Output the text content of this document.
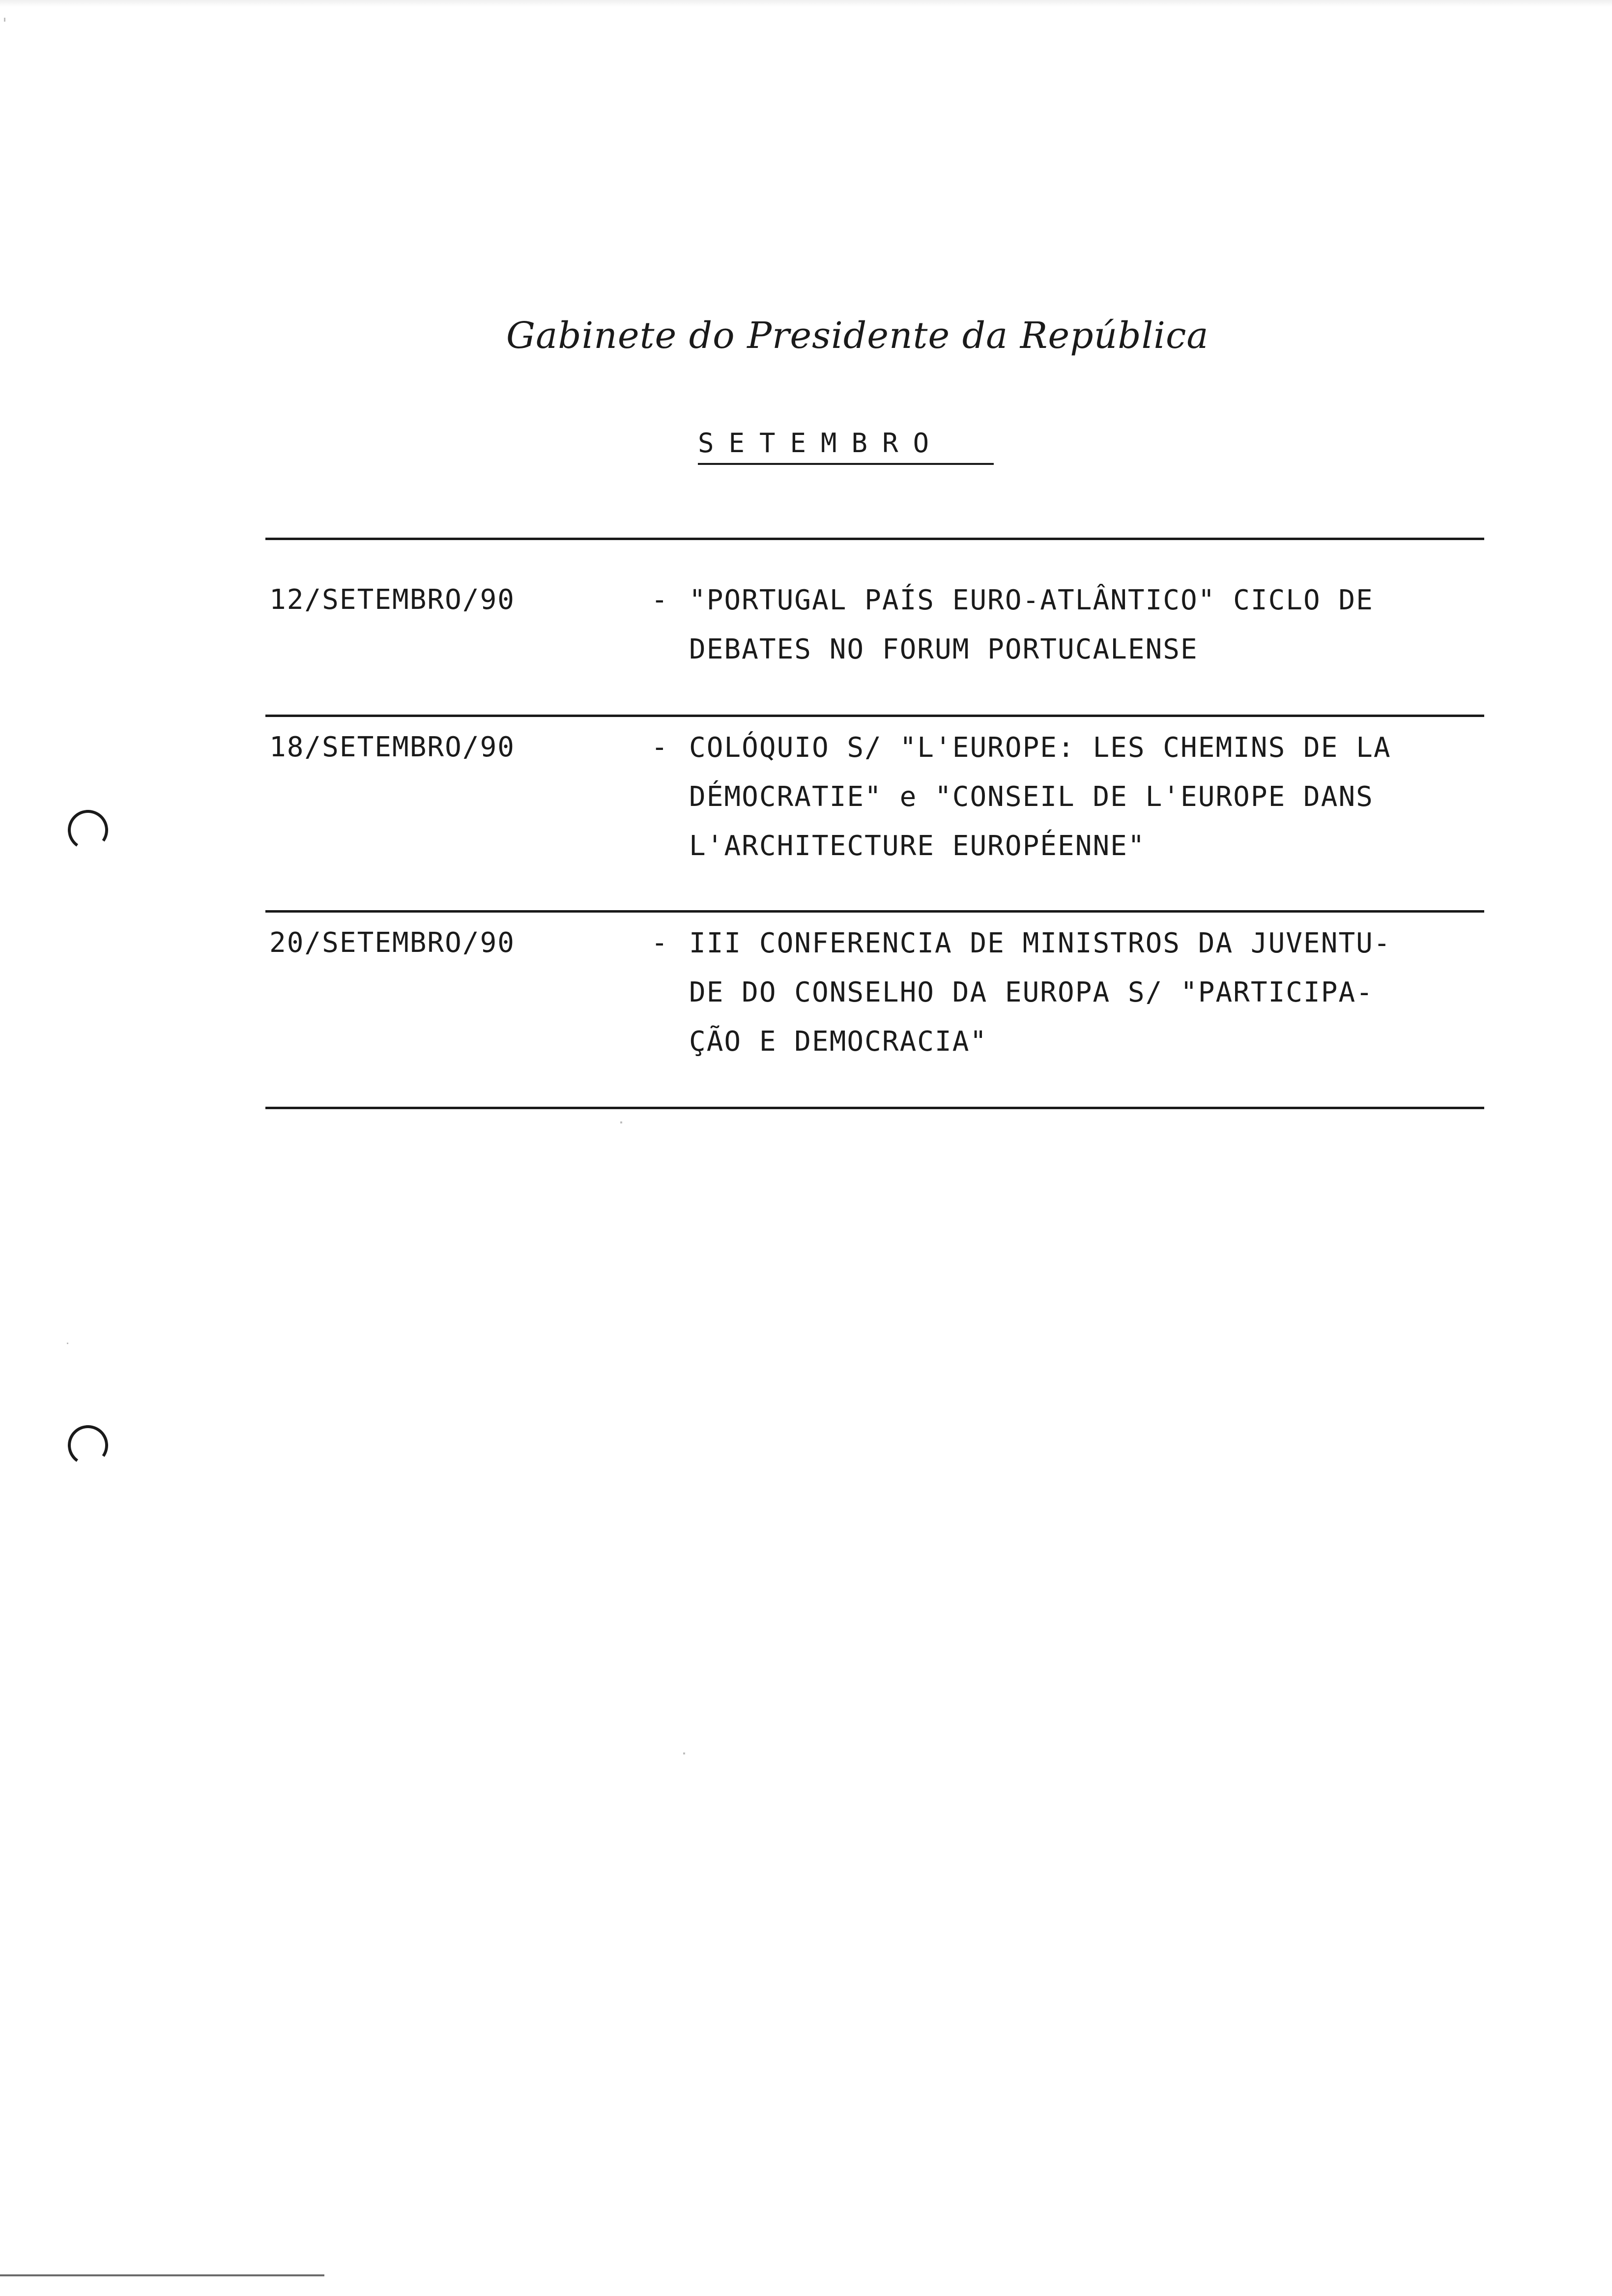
Gabinete do Presidente da República
SETEMBRO
12/SETEMBRO/90	- "PORTUGAL PAÍS EURO-ATLÂNTICO" CICLO DE
DEBATES NO FORUM PORTUCALENSE
18/SETEMBRO/90	- COLÓQUIO S/ "L'EUROPE: LES CHEMINS DE LA
DÉMOCRATIE" e "CONSEIL DE L'EUROPE DANS
L'ARCHITECTURE EUROPÉENNE"
20/SETEMBRO/90	- III CONFERENCIA DE MINISTROS DA JUVENTU-
DE DO CONSELHO DA EUROPA S/ "PARTICIPA-
ÇÃO E DEMOCRACIA"
